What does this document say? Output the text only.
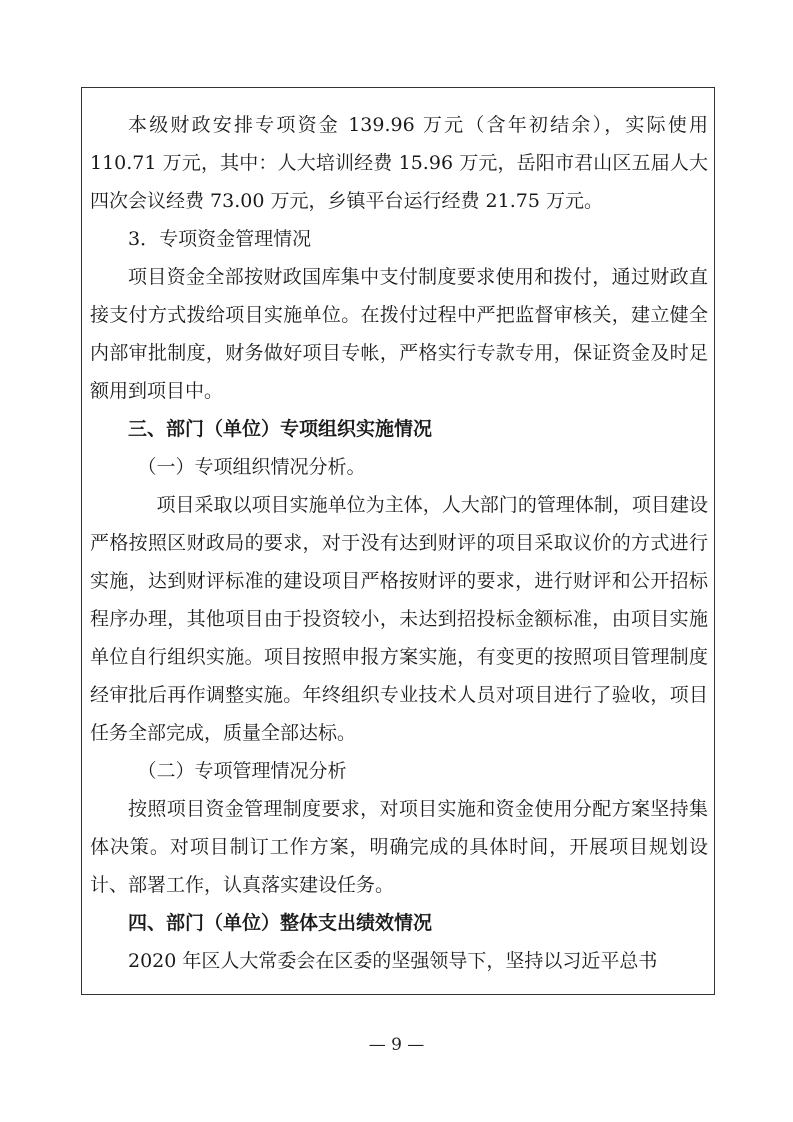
本级财政安排专项资金 139.96 万元（含年初结余），实际使用 110.71 万元，其中：人大培训经费 15.96 万元，岳阳市君山区五届人大四次会议经费 73.00 万元，乡镇平台运行经费 21.75 万元。

3．专项资金管理情况

项目资金全部按财政国库集中支付制度要求使用和拨付，通过财政直接支付方式拨给项目实施单位。在拨付过程中严把监督审核关，建立健全内部审批制度，财务做好项目专帐，严格实行专款专用，保证资金及时足额用到项目中。

三、部门（单位）专项组织实施情况

（一）专项组织情况分析。

项目采取以项目实施单位为主体，人大部门的管理体制，项目建设严格按照区财政局的要求，对于没有达到财评的项目采取议价的方式进行实施，达到财评标准的建设项目严格按财评的要求，进行财评和公开招标程序办理，其他项目由于投资较小，未达到招投标金额标准，由项目实施单位自行组织实施。项目按照申报方案实施，有变更的按照项目管理制度经审批后再作调整实施。年终组织专业技术人员对项目进行了验收，项目任务全部完成，质量全部达标。

（二）专项管理情况分析

按照项目资金管理制度要求，对项目实施和资金使用分配方案坚持集体决策。对项目制订工作方案，明确完成的具体时间，开展项目规划设计、部署工作，认真落实建设任务。

四、部门（单位）整体支出绩效情况

2020 年区人大常委会在区委的坚强领导下，坚持以习近平总书

— 9 —
